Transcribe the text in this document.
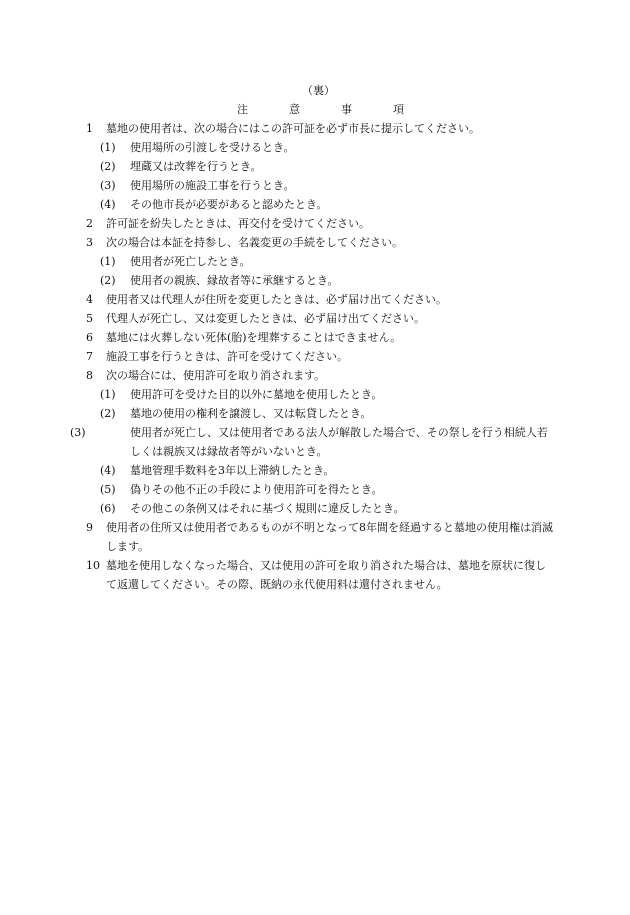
（裏）
注	意	事	項
1 墓地の使用者は、次の場合にはこの許可証を必ず市長に提示してください。
(1) 使用場所の引渡しを受けるとき。
(2) 埋蔵又は改葬を行うとき。
(3) 使用場所の施設工事を行うとき。
(4) その他市長が必要があると認めたとき。
2 許可証を紛失したときは、再交付を受けてください。
3 次の場合は本証を持参し、名義変更の手続をしてください。
(1) 使用者が死亡したとき。
(2) 使用者の親族、縁故者等に承継するとき。
4 使用者又は代理人が住所を変更したときは、必ず届け出てください。
5 代理人が死亡し、又は変更したときは、必ず届け出てください。
6 墓地には火葬しない死体(胎)を埋葬することはできません。
7 施設工事を行うときは、許可を受けてください。
8 次の場合には、使用許可を取り消されます。
(1) 使用許可を受けた目的以外に墓地を使用したとき。
(2) 墓地の使用の権利を譲渡し、又は転貸したとき。
(3)	使用者が死亡し、又は使用者である法人が解散した場合で、その祭しを行う相続人若しくは親族又は縁故者等がいないとき。
(4) 墓地管理手数料を3年以上滞納したとき。
(5) 偽りその他不正の手段により使用許可を得たとき。
(6) その他この条例又はそれに基づく規則に違反したとき。
9 使用者の住所又は使用者であるものが不明となって8年間を経過すると墓地の使用権は消滅します。
10 墓地を使用しなくなった場合、又は使用の許可を取り消された場合は、墓地を原状に復して返還してください。その際、既納の永代使用料は還付されません。
